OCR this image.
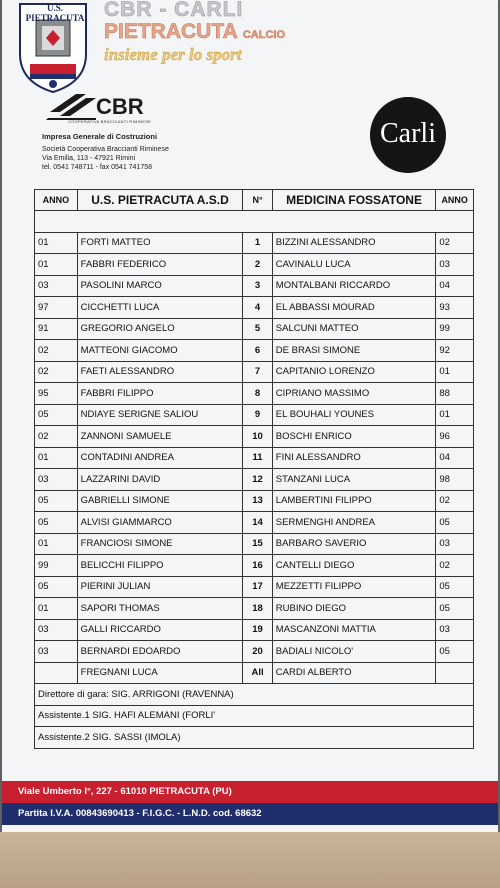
U.S. PIETRACUTA CBR - CARLI
PIETRACUTA CALCIO
insieme per lo sport
CBR
COOPERATIVA BRACCIANTI RIMINESE
Impresa Generale di Costruzioni
Società Cooperativa Braccianti Riminese
Via Emilia, 113 - 47921 Rimini
tel. 0541 748711 - fax 0541 741758
Carli
ANNO	U.S. PIETRACUTA A.S.D	N°	MEDICINA FOSSATONE	ANNO

01	FORTI MATTEO	1	BIZZINI ALESSANDRO	02
01	FABBRI FEDERICO	2	CAVINALU LUCA	03
03	PASOLINI MARCO	3	MONTALBANI RICCARDO	04
97	CICCHETTI LUCA	4	EL ABBASSI MOURAD	93
91	GREGORIO ANGELO	5	SALCUNI MATTEO	99
02	MATTEONI GIACOMO	6	DE BRASI SIMONE	92
02	FAETI ALESSANDRO	7	CAPITANIO LORENZO	01
95	FABBRI FILIPPO	8	CIPRIANO MASSIMO	88
05	NDIAYE SERIGNE SALIOU	9	EL BOUHALI YOUNES	01
02	ZANNONI SAMUELE	10	BOSCHI ENRICO	96
01	CONTADINI ANDREA	11	FINI ALESSANDRO	04
03	LAZZARINI DAVID	12	STANZANI LUCA	98
05	GABRIELLI SIMONE	13	LAMBERTINI FILIPPO	02
05	ALVISI GIAMMARCO	14	SERMENGHI ANDREA	05
01	FRANCIOSI SIMONE	15	BARBARO SAVERIO	03
99	BELICCHI FILIPPO	16	CANTELLI DIEGO	02
05	PIERINI JULIAN	17	MEZZETTI FILIPPO	05
01	SAPORI THOMAS	18	RUBINO DIEGO	05
03	GALLI RICCARDO	19	MASCANZONI MATTIA	03
03	BERNARDI EDOARDO	20	BADIALI NICOLO'	05
	FREGNANI LUCA	All	CARDI ALBERTO	
Direttore di gara: SIG. ARRIGONI (RAVENNA)				
Assistente.1 SIG. HAFI ALEMANI (FORLI'				
Assistente.2 SIG. SASSI (IMOLA)				
Viale Umberto I°, 227 - 61010 PIETRACUTA (PU)
Partita I.V.A. 00843690413 - F.I.G.C. - L.N.D. cod. 68632
